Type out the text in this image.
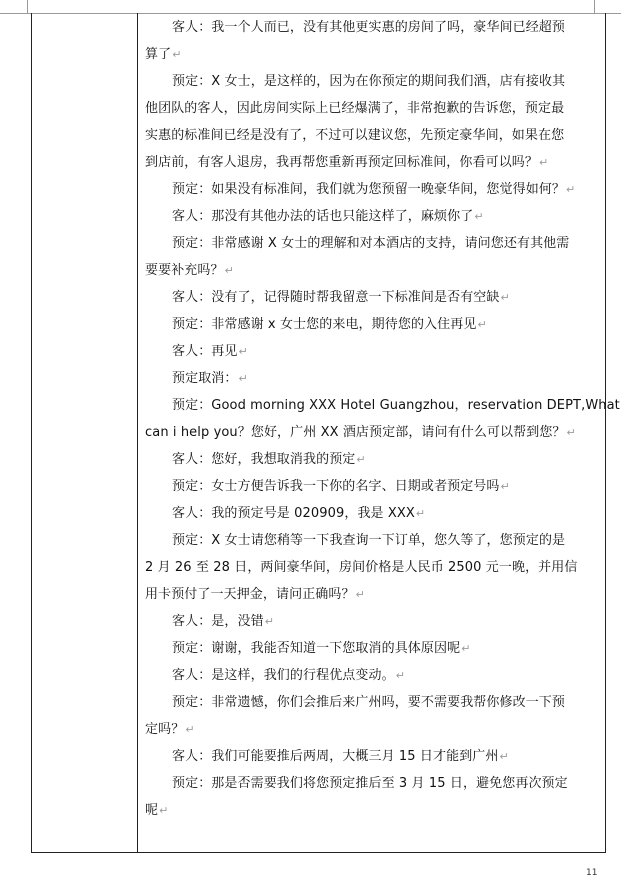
客人：我一个人而已，没有其他更实惠的房间了吗，豪华间已经超预
算了↵
预定：X 女士，是这样的，因为在你预定的期间我们酒，店有接收其
他团队的客人，因此房间实际上已经爆满了，非常抱歉的告诉您，预定最
实惠的标准间已经是没有了，不过可以建议您，先预定豪华间，如果在您
到店前，有客人退房，我再帮您重新再预定回标准间，你看可以吗？↵
预定：如果没有标准间，我们就为您预留一晚豪华间，您觉得如何？↵
客人：那没有其他办法的话也只能这样了，麻烦你了↵
预定：非常感谢 X 女士的理解和对本酒店的支持，请问您还有其他需
要要补充吗？↵
客人：没有了，记得随时帮我留意一下标准间是否有空缺↵
预定：非常感谢 x 女士您的来电，期待您的入住再见↵
客人：再见↵
预定取消：↵
预定：Good morning XXX Hotel Guangzhou，reservation DEPT,What
can i help you？您好，广州 XX 酒店预定部，请问有什么可以帮到您？↵
客人：您好，我想取消我的预定↵
预定：女士方便告诉我一下你的名字、日期或者预定号吗↵
客人：我的预定号是 020909，我是 XXX↵
预定：X 女士请您稍等一下我查询一下订单，您久等了，您预定的是
2 月 26 至 28 日，两间豪华间，房间价格是人民币 2500 元一晚，并用信
用卡预付了一天押金，请问正确吗？↵
客人：是，没错↵
预定：谢谢，我能否知道一下您取消的具体原因呢↵
客人：是这样，我们的行程优点变动。↵
预定：非常遗憾，你们会推后来广州吗，要不需要我帮你修改一下预
定吗？↵
客人：我们可能要推后两周，大概三月 15 日才能到广州↵
预定：那是否需要我们将您预定推后至 3 月 15 日，避免您再次预定
呢↵
11
